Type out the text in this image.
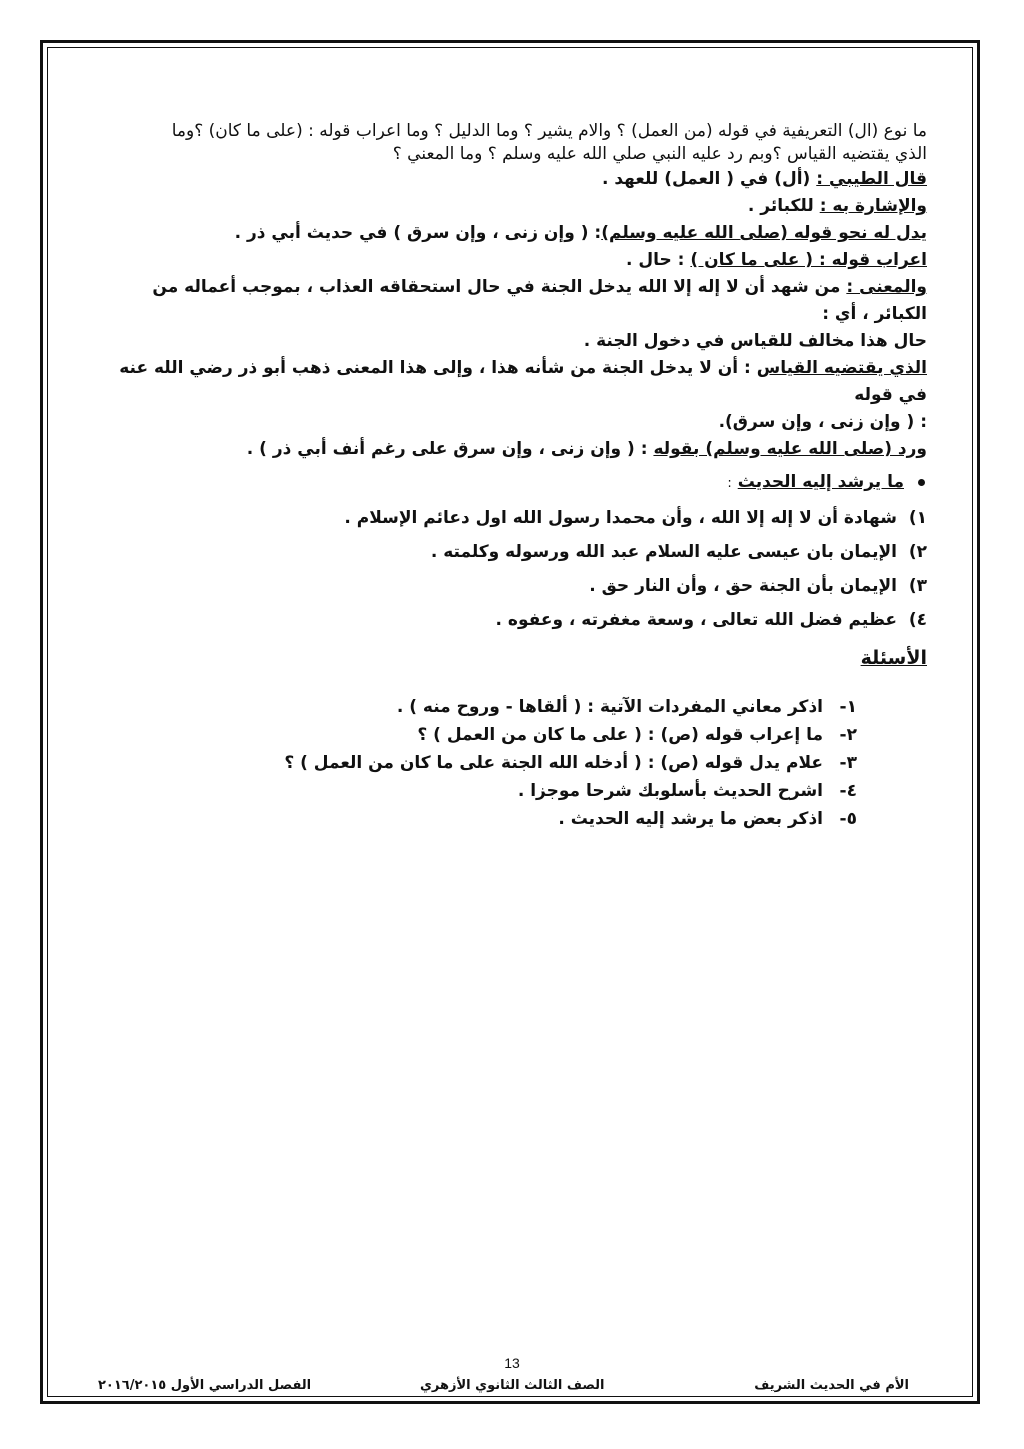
ما نوع (ال) التعريفية في قوله (من العمل) ؟ والام يشير ؟ وما الدليل ؟ وما اعراب قوله : (على ما كان) ؟وما

الذي يقتضيه القياس ؟وبم رد عليه النبي صلي الله عليه وسلم ؟ وما المعني ؟

قال الطيبي : (أل) في ( العمل) للعهد .

والإشارة به : للكبائر .

يدل له نحو قوله (صلى الله عليه وسلم): ( وإن زنى ، وإن سرق ) في حديث أبي ذر .

اعراب قوله : ( على ما كان ) : حال .

والمعنى : من شهد أن لا إله إلا الله يدخل الجنة في حال استحقاقه العذاب ، بموجب أعماله من الكبائر ، أي :

حال هذا مخالف للقياس في دخول الجنة .

الذي يقتضيه القياس : أن لا يدخل الجنة من شأنه هذا ، وإلى هذا المعنى ذهب أبو ذر رضي الله عنه في قوله

: ( وإن زنى ، وإن سرق).

ورد (صلى الله عليه وسلم) بقوله : ( وإن زنى ، وإن سرق على رغم أنف أبي ذر ) .

ما يرشد إليه الحديث:

١)شهادة أن لا إله إلا الله ، وأن محمدا رسول الله اول دعائم الإسلام .
٢)الإيمان بان عيسى عليه السلام عبد الله ورسوله وكلمته .
٣)الإيمان بأن الجنة حق ، وأن النار حق .
٤)عظيم فضل الله تعالى ، وسعة مغفرته ، وعفوه .

الأسئلة

١-اذكر معاني المفردات الآتية : ( ألقاها - وروح منه ) .
٢-ما إعراب قوله (ص) : ( على ما كان من العمل ) ؟
٣-علام يدل قوله (ص) : ( أدخله الله الجنة على ما كان من العمل ) ؟
٤-اشرح الحديث بأسلوبك شرحا موجزا .
٥-اذكر بعض ما يرشد إليه الحديث .
13
الأم في الحديث الشريف
الصف الثالث الثانوي الأزهري
الفصل الدراسي الأول ٢٠١٦/٢٠١٥
